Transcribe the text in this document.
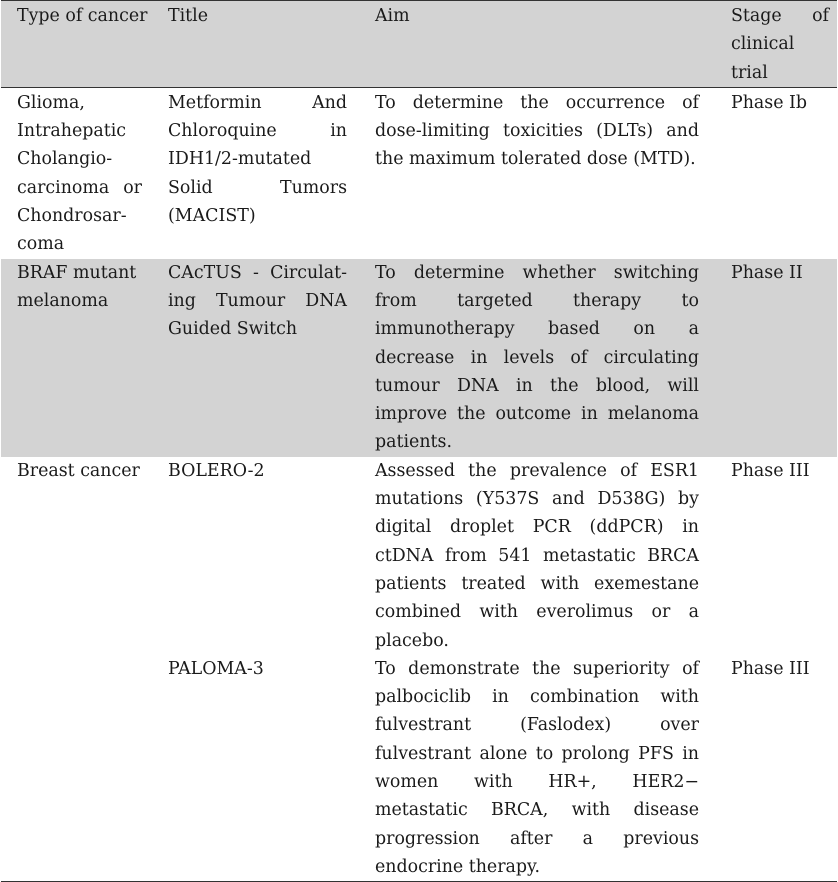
Type of cancer	Title	Aim	Stage of clinical trial
Glioma, Intrahepatic Cholangiocarcinoma or Chondrosarcoma	Metformin And Chloroquine in IDH1/2-mutated Solid Tumors (MACIST)	To determine the occurrence of dose-limiting toxicities (DLTs) and the maximum tolerated dose (MTD).	Phase Ib
BRAF mutant melanoma	CAcTUS - Circulating Tumour DNA Guided Switch	To determine whether switching from targeted therapy to immunotherapy based on a decrease in levels of circulating tumour DNA in the blood, will improve the outcome in melanoma patients.	Phase II
Breast cancer	BOLERO-2	Assessed the prevalence of ESR1 mutations (Y537S and D538G) by digital droplet PCR (ddPCR) in ctDNA from 541 metastatic BRCA patients treated with exemestane combined with everolimus or a placebo.	Phase III
	PALOMA-3	To demonstrate the superiority of palbociclib in combination with fulvestrant (Faslodex) over fulvestrant alone to prolong PFS in women with HR+, HER2− metastatic BRCA, with disease progression after a previous endocrine therapy.	Phase III
